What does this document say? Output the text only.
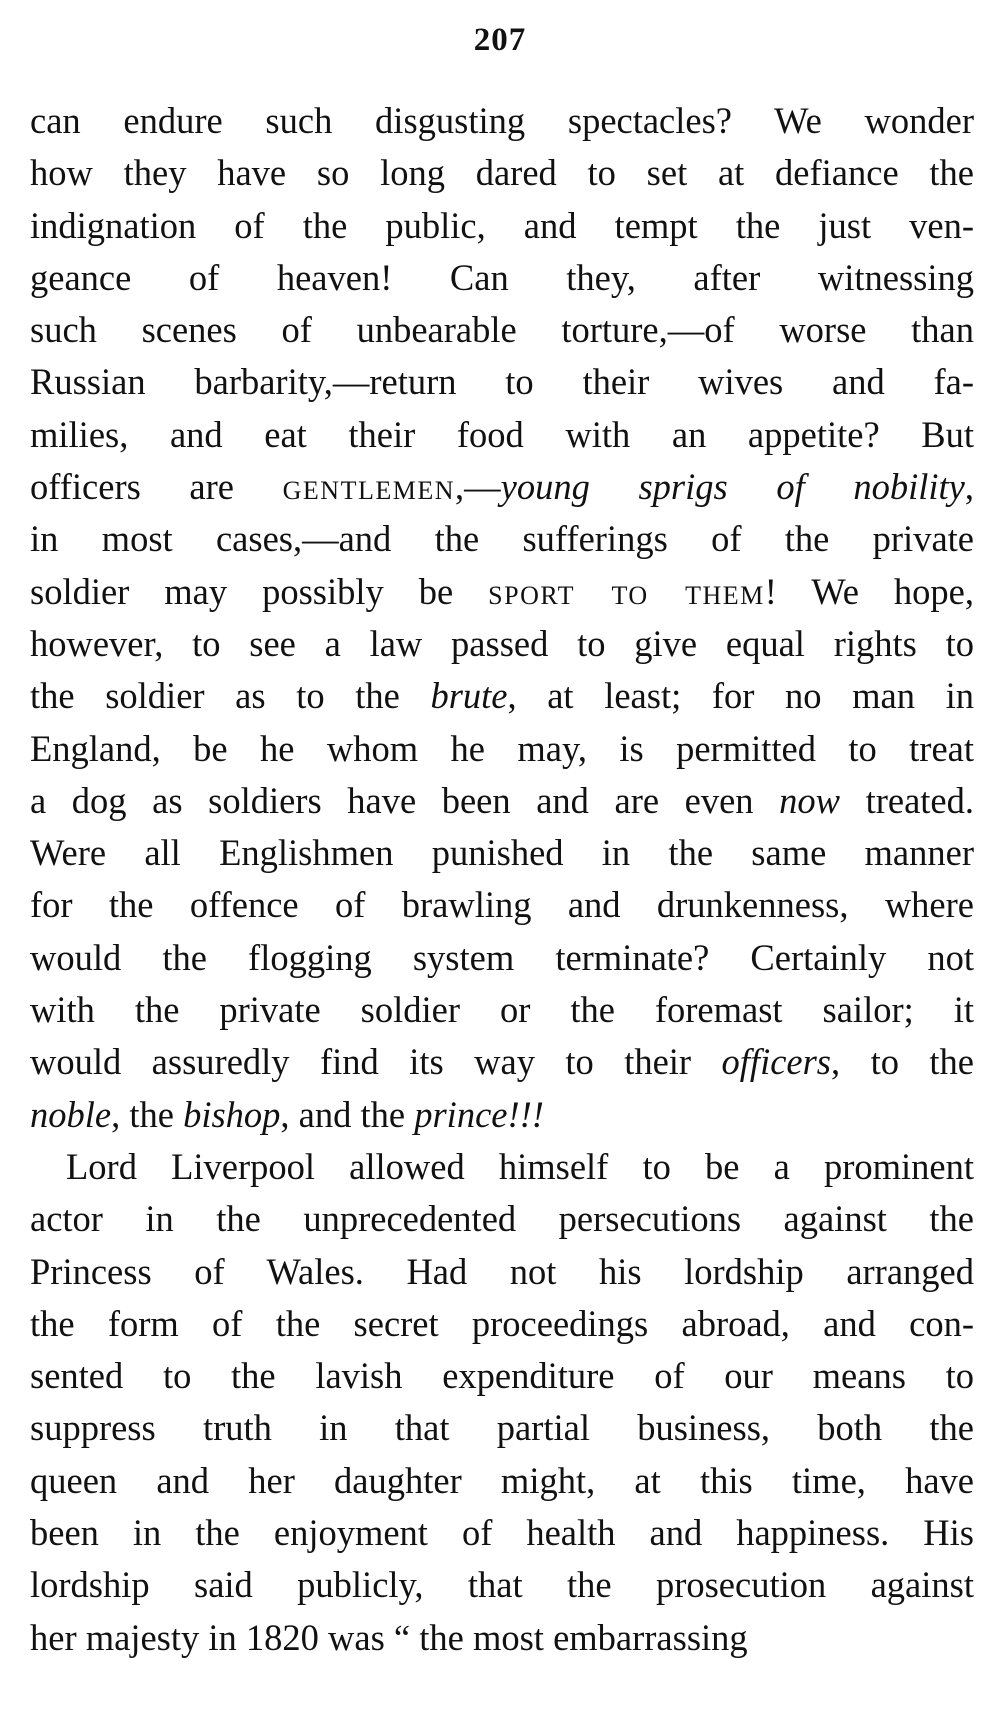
207
can endure such disgusting spectacles? We wonder
how they have so long dared to set at defiance the
indignation of the public, and tempt the just ven-
geance of heaven! Can they, after witnessing
such scenes of unbearable torture,—of worse than
Russian barbarity,—return to their wives and fa-
milies, and eat their food with an appetite? But
officers are gentlemen,—young sprigs of nobility,
in most cases,—and the sufferings of the private
soldier may possibly be sport to them! We hope,
however, to see a law passed to give equal rights to
the soldier as to the brute, at least; for no man in
England, be he whom he may, is permitted to treat
a dog as soldiers have been and are even now treated.
Were all Englishmen punished in the same manner
for the offence of brawling and drunkenness, where
would the flogging system terminate? Certainly not
with the private soldier or the foremast sailor; it
would assuredly find its way to their officers, to the
noble, the bishop, and the prince!!!
Lord Liverpool allowed himself to be a prominent
actor in the unprecedented persecutions against the
Princess of Wales. Had not his lordship arranged
the form of the secret proceedings abroad, and con-
sented to the lavish expenditure of our means to
suppress truth in that partial business, both the
queen and her daughter might, at this time, have
been in the enjoyment of health and happiness. His
lordship said publicly, that the prosecution against
her majesty in 1820 was “ the most embarrassing
